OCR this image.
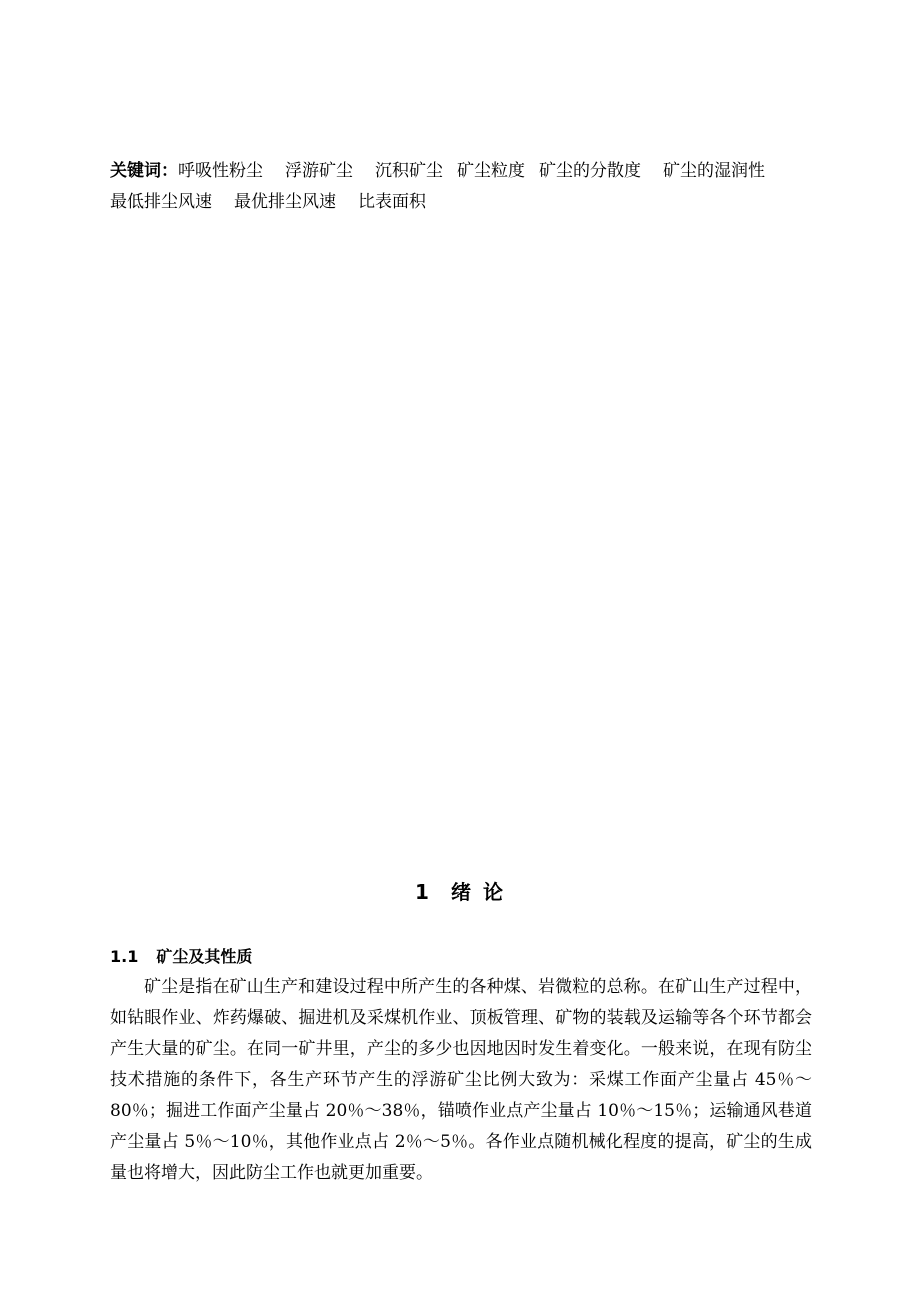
关键词：呼吸性粉尘 浮游矿尘 沉积矿尘 矿尘粒度 矿尘的分散度 矿尘的湿润性
最低排尘风速 最优排尘风速 比表面积
1 绪 论
1.1 矿尘及其性质

矿尘是指在矿山生产和建设过程中所产生的各种煤、岩微粒的总称。在矿山生产过程中，如钻眼作业、炸药爆破、掘进机及采煤机作业、顶板管理、矿物的装载及运输等各个环节都会产生大量的矿尘。在同一矿井里，产尘的多少也因地因时发生着变化。一般来说，在现有防尘技术措施的条件下，各生产环节产生的浮游矿尘比例大致为：采煤工作面产尘量占 45％～80％；掘进工作面产尘量占 20％～38％，锚喷作业点产尘量占 10％～15％；运输通风巷道产尘量占 5％～10％，其他作业点占 2％～5％。各作业点随机械化程度的提高，矿尘的生成量也将增大，因此防尘工作也就更加重要。
